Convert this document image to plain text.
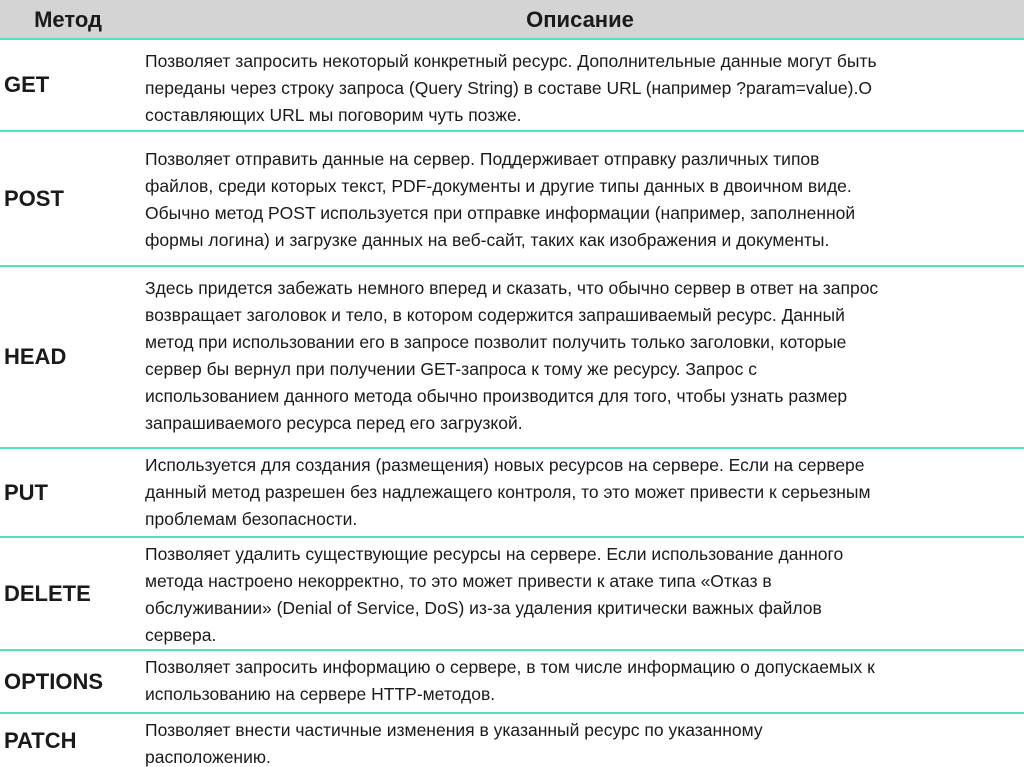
Метод	Описание
GET
Позволяет запросить некоторый конкретный ресурс. Дополнительные данные могут быть
переданы через строку запроса (Query String) в составе URL (например ?param=value).О
составляющих URL мы поговорим чуть позже.
POST
Позволяет отправить данные на сервер. Поддерживает отправку различных типов
файлов, среди которых текст, PDF-документы и другие типы данных в двоичном виде.
Обычно метод POST используется при отправке информации (например, заполненной
формы логина) и загрузке данных на веб-сайт, таких как изображения и документы.
HEAD
Здесь придется забежать немного вперед и сказать, что обычно сервер в ответ на запрос
возвращает заголовок и тело, в котором содержится запрашиваемый ресурс. Данный
метод при использовании его в запросе позволит получить только заголовки, которые
сервер бы вернул при получении GET-запроса к тому же ресурсу. Запрос с
использованием данного метода обычно производится для того, чтобы узнать размер
запрашиваемого ресурса перед его загрузкой.
PUT
Используется для создания (размещения) новых ресурсов на сервере. Если на сервере
данный метод разрешен без надлежащего контроля, то это может привести к серьезным
проблемам безопасности.
DELETE
Позволяет удалить существующие ресурсы на сервере. Если использование данного
метода настроено некорректно, то это может привести к атаке типа «Отказ в
обслуживании» (Denial of Service, DoS) из-за удаления критически важных файлов
сервера.
OPTIONS
Позволяет запросить информацию о сервере, в том числе информацию о допускаемых к
использованию на сервере HTTP-методов.
PATCH	Позволяет внести частичные изменения в указанный ресурс по указанному
расположению.
